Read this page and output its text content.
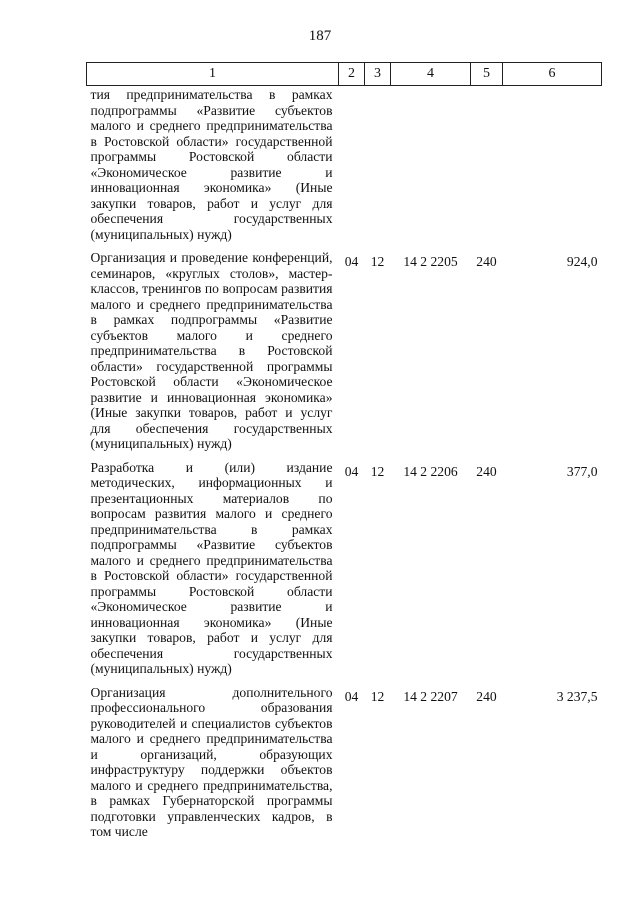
187
1	2	3	4	5	6
тия предпринимательства в рамках подпрограммы «Развитие субъектов малого и среднего предпринимательства в Ростовской области» государственной программы Ростовской области «Экономическое развитие и инновационная экономика» (Иные закупки товаров, работ и услуг для обеспечения государственных (муниципальных) нужд)					
Организация и проведение конференций, семинаров, «круглых столов», мастер-классов, тренингов по вопросам развития малого и среднего предпринимательства в рамках подпрограммы «Развитие субъектов малого и среднего предпринимательства в Ростовской области» государственной программы Ростовской области «Экономическое развитие и инновационная экономика» (Иные закупки товаров, работ и услуг для обеспечения государственных (муниципальных) нужд)	04	12	14 2 2205	240	924,0
Разработка и (или) издание методических, информационных и презентационных материалов по вопросам развития малого и среднего предпринимательства в рамках подпрограммы «Развитие субъектов малого и среднего предпринимательства в Ростовской области» государственной программы Ростовской области «Экономическое развитие и инновационная экономика» (Иные закупки товаров, работ и услуг для обеспечения государственных (муниципальных) нужд)	04	12	14 2 2206	240	377,0
Организация дополнительного профессионального образования руководителей и специалистов субъектов малого и среднего предпринимательства и организаций, образующих инфраструктуру поддержки объектов малого и среднего предпринимательства, в рамках Губернаторской программы подготовки управленческих кадров, в том числе	04	12	14 2 2207	240	3 237,5
